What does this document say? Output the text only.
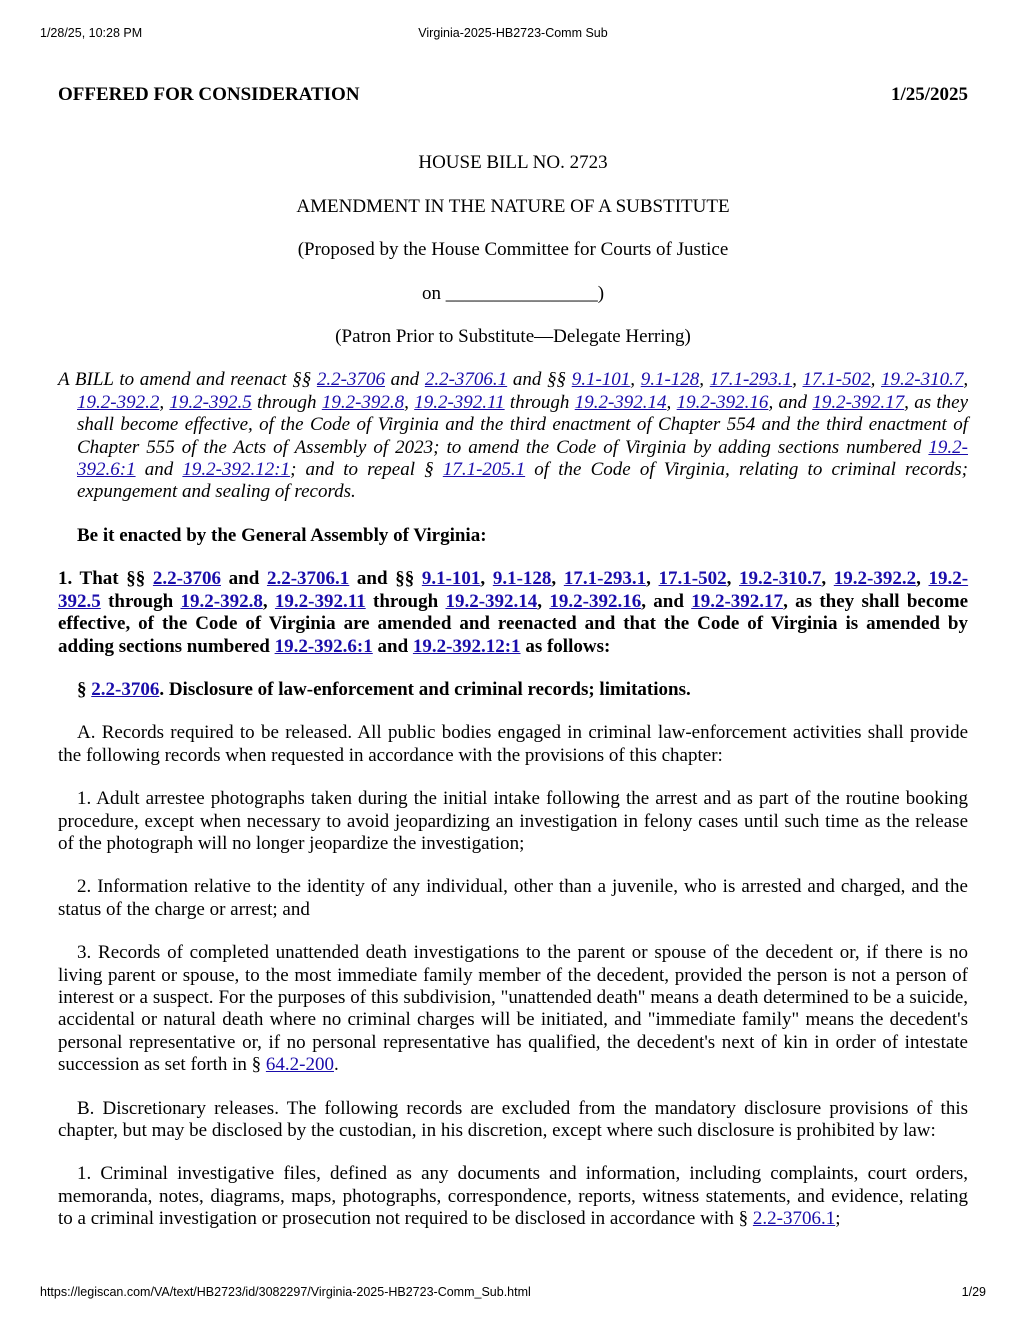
1/28/25, 10:28 PM	Virginia-2025-HB2723-Comm Sub

OFFERED FOR CONSIDERATION	1/25/2025

HOUSE BILL NO. 2723

AMENDMENT IN THE NATURE OF A SUBSTITUTE

(Proposed by the House Committee for Courts of Justice

on ________________)

(Patron Prior to Substitute—Delegate Herring)

A BILL to amend and reenact §§ 2.2-3706 and 2.2-3706.1 and §§ 9.1-101, 9.1-128, 17.1-293.1, 17.1-502, 19.2-310.7, 19.2-392.2, 19.2-392.5 through 19.2-392.8, 19.2-392.11 through 19.2-392.14, 19.2-392.16, and 19.2-392.17, as they shall become effective, of the Code of Virginia and the third enactment of Chapter 554 and the third enactment of Chapter 555 of the Acts of Assembly of 2023; to amend the Code of Virginia by adding sections numbered 19.2-392.6:1 and 19.2-392.12:1; and to repeal § 17.1-205.1 of the Code of Virginia, relating to criminal records; expungement and sealing of records.

Be it enacted by the General Assembly of Virginia:

1. That §§ 2.2-3706 and 2.2-3706.1 and §§ 9.1-101, 9.1-128, 17.1-293.1, 17.1-502, 19.2-310.7, 19.2-392.2, 19.2-392.5 through 19.2-392.8, 19.2-392.11 through 19.2-392.14, 19.2-392.16, and 19.2-392.17, as they shall become effective, of the Code of Virginia are amended and reenacted and that the Code of Virginia is amended by adding sections numbered 19.2-392.6:1 and 19.2-392.12:1 as follows:

§ 2.2-3706. Disclosure of law-enforcement and criminal records; limitations.

A. Records required to be released. All public bodies engaged in criminal law-enforcement activities shall provide the following records when requested in accordance with the provisions of this chapter:

1. Adult arrestee photographs taken during the initial intake following the arrest and as part of the routine booking procedure, except when necessary to avoid jeopardizing an investigation in felony cases until such time as the release of the photograph will no longer jeopardize the investigation;

2. Information relative to the identity of any individual, other than a juvenile, who is arrested and charged, and the status of the charge or arrest; and

3. Records of completed unattended death investigations to the parent or spouse of the decedent or, if there is no living parent or spouse, to the most immediate family member of the decedent, provided the person is not a person of interest or a suspect. For the purposes of this subdivision, "unattended death" means a death determined to be a suicide, accidental or natural death where no criminal charges will be initiated, and "immediate family" means the decedent's personal representative or, if no personal representative has qualified, the decedent's next of kin in order of intestate succession as set forth in § 64.2-200.

B. Discretionary releases. The following records are excluded from the mandatory disclosure provisions of this chapter, but may be disclosed by the custodian, in his discretion, except where such disclosure is prohibited by law:

1. Criminal investigative files, defined as any documents and information, including complaints, court orders, memoranda, notes, diagrams, maps, photographs, correspondence, reports, witness statements, and evidence, relating to a criminal investigation or prosecution not required to be disclosed in accordance with § 2.2-3706.1;

https://legiscan.com/VA/text/HB2723/id/3082297/Virginia-2025-HB2723-Comm_Sub.html	1/29
